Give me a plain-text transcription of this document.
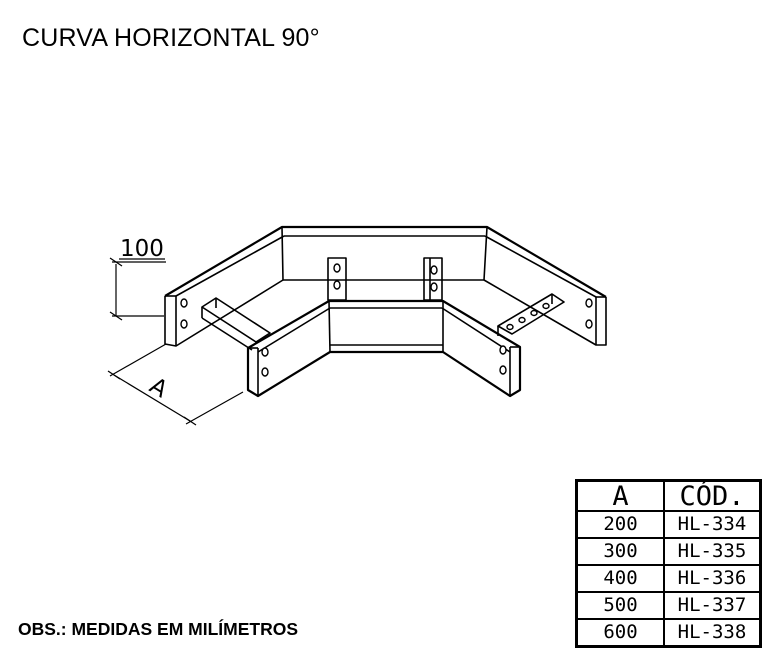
CURVA HORIZONTAL 90°
100
A
A	CÓD.
200	HL-334
300	HL-335
400	HL-336
500	HL-337
600	HL-338
OBS.: MEDIDAS EM MILÍMETROS
